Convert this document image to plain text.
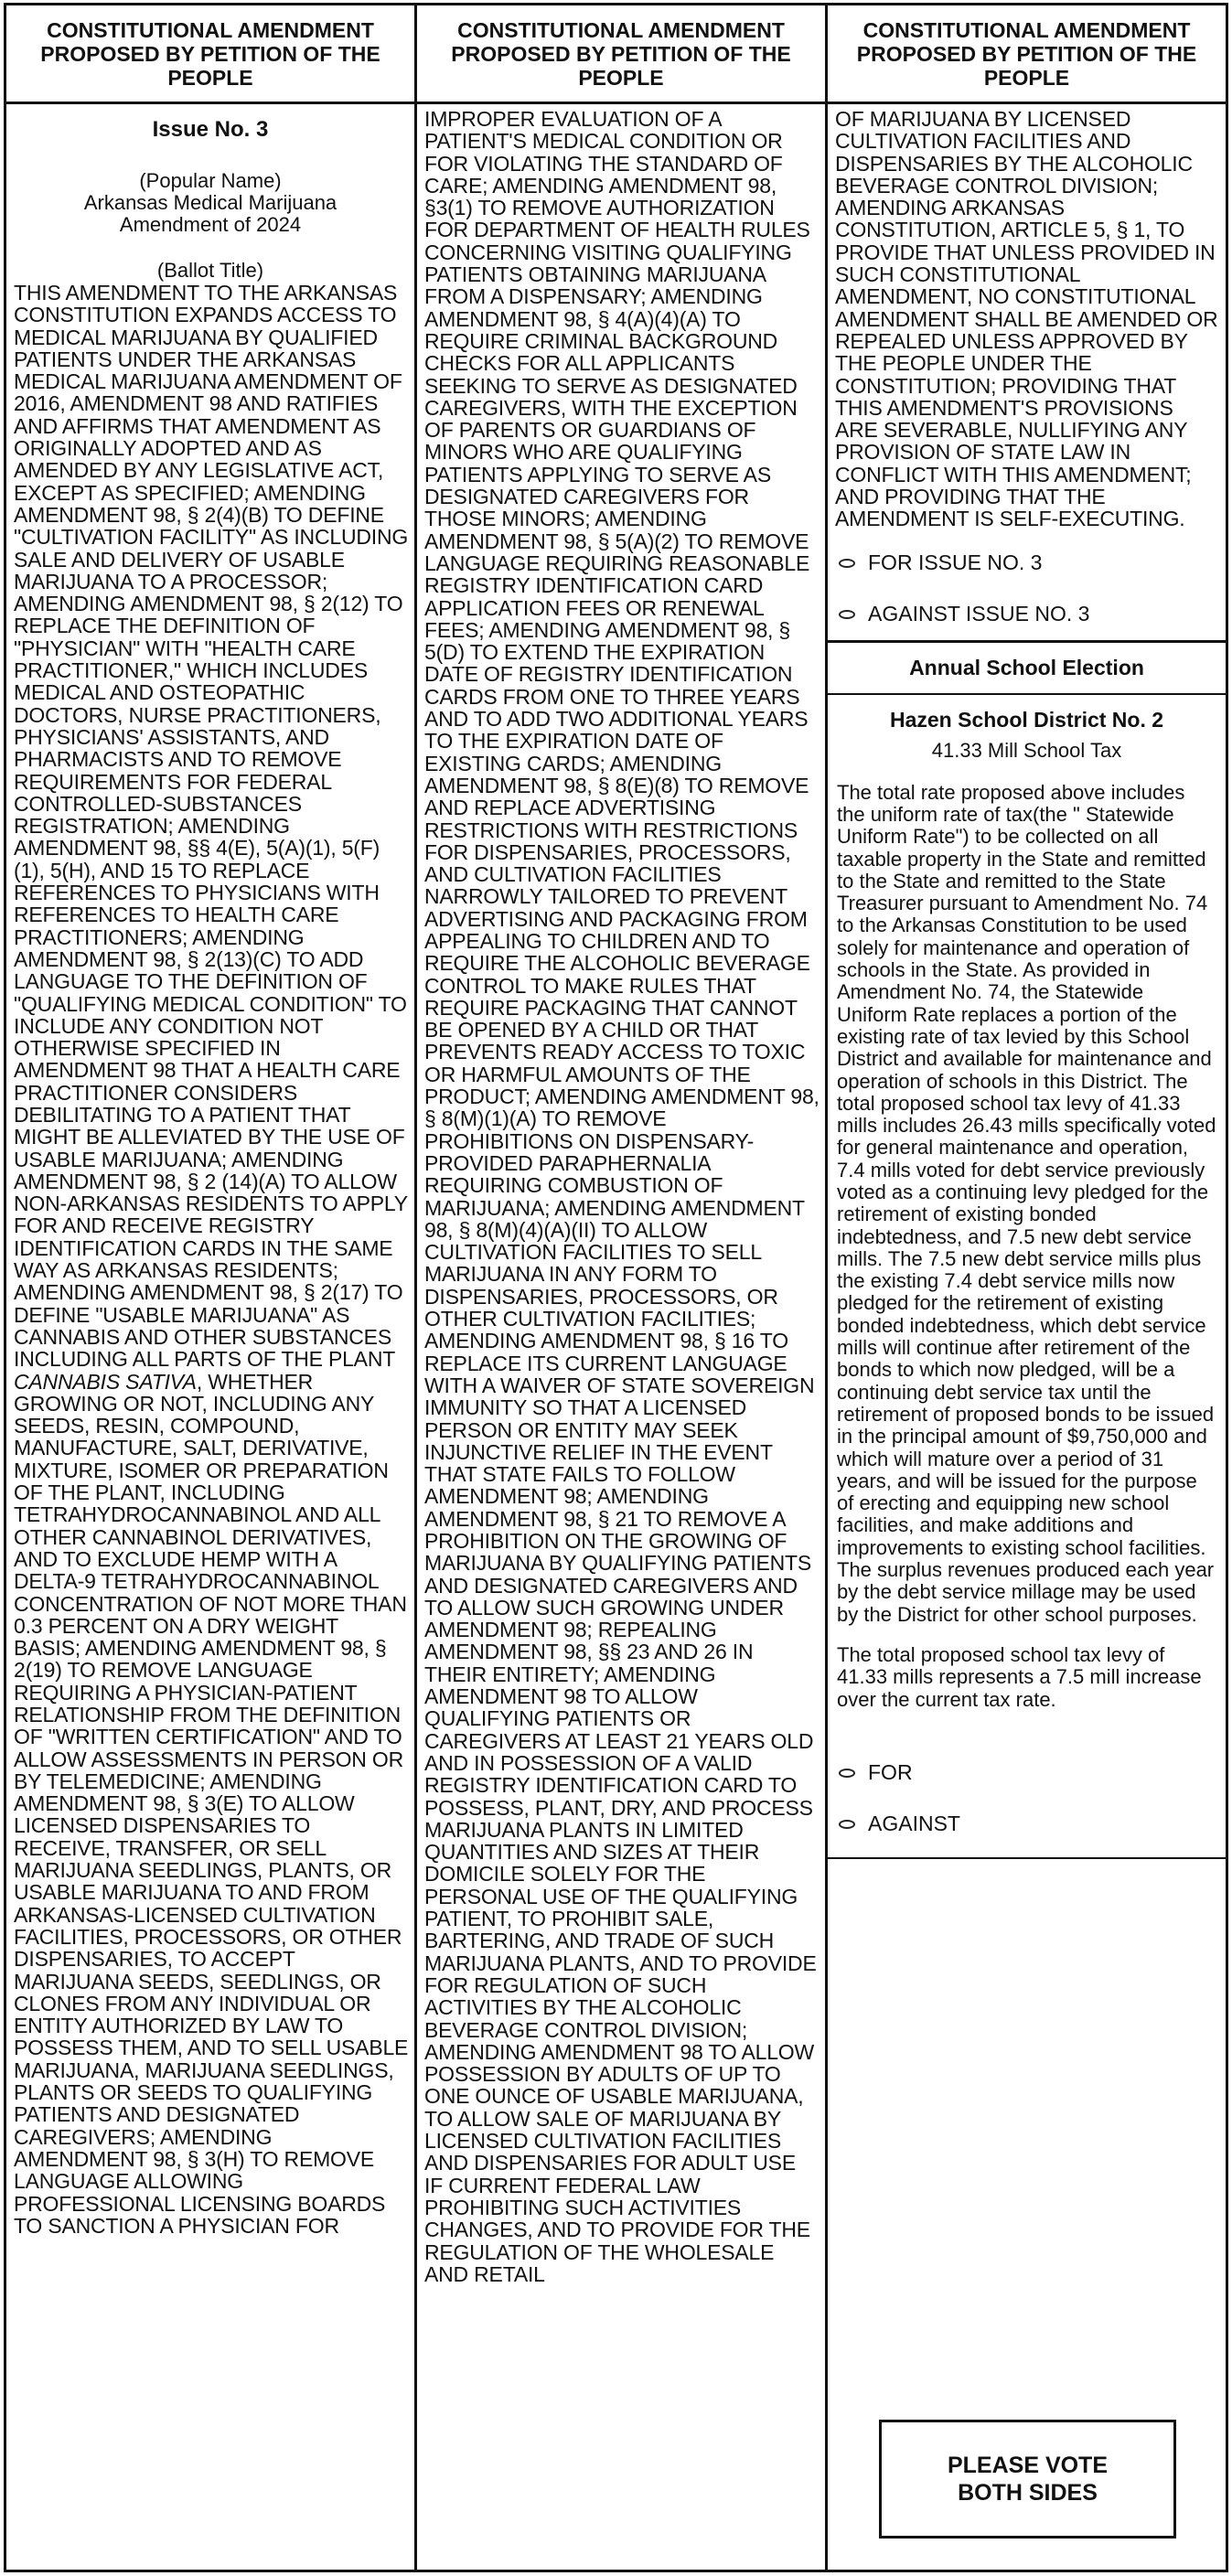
CONSTITUTIONAL AMENDMENT PROPOSED BY PETITION OF THE PEOPLE
Issue No. 3

(Popular Name)

Arkansas Medical Marijuana

Amendment of 2024

(Ballot Title)

THIS AMENDMENT TO THE ARKANSAS CONSTITUTION EXPANDS ACCESS TO MEDICAL MARIJUANA BY QUALIFIED PATIENTS UNDER THE ARKANSAS MEDICAL MARIJUANA AMENDMENT OF 2016, AMENDMENT 98 AND RATIFIES AND AFFIRMS THAT AMENDMENT AS ORIGINALLY ADOPTED AND AS AMENDED BY ANY LEGISLATIVE ACT, EXCEPT AS SPECIFIED; AMENDING AMENDMENT 98, § 2(4)(B) TO DEFINE "CULTIVATION FACILITY" AS INCLUDING SALE AND DELIVERY OF USABLE MARIJUANA TO A PROCESSOR; AMENDING AMENDMENT 98, § 2(12) TO REPLACE THE DEFINITION OF "PHYSICIAN" WITH "HEALTH CARE PRACTITIONER," WHICH INCLUDES MEDICAL AND OSTEOPATHIC DOCTORS, NURSE PRACTITIONERS, PHYSICIANS' ASSISTANTS, AND PHARMACISTS AND TO REMOVE REQUIREMENTS FOR FEDERAL CONTROLLED-SUBSTANCES REGISTRATION; AMENDING AMENDMENT 98, §§ 4(E), 5(A)(1), 5(F)(1), 5(H), AND 15 TO REPLACE REFERENCES TO PHYSICIANS WITH REFERENCES TO HEALTH CARE PRACTITIONERS; AMENDING AMENDMENT 98, § 2(13)(C) TO ADD LANGUAGE TO THE DEFINITION OF "QUALIFYING MEDICAL CONDITION" TO INCLUDE ANY CONDITION NOT OTHERWISE SPECIFIED IN AMENDMENT 98 THAT A HEALTH CARE PRACTITIONER CONSIDERS DEBILITATING TO A PATIENT THAT MIGHT BE ALLEVIATED BY THE USE OF USABLE MARIJUANA; AMENDING AMENDMENT 98, § 2 (14)(A) TO ALLOW NON-ARKANSAS RESIDENTS TO APPLY FOR AND RECEIVE REGISTRY IDENTIFICATION CARDS IN THE SAME WAY AS ARKANSAS RESIDENTS; AMENDING AMENDMENT 98, § 2(17) TO DEFINE "USABLE MARIJUANA" AS CANNABIS AND OTHER SUBSTANCES INCLUDING ALL PARTS OF THE PLANT CANNABIS SATIVA, WHETHER GROWING OR NOT, INCLUDING ANY SEEDS, RESIN, COMPOUND, MANUFACTURE, SALT, DERIVATIVE, MIXTURE, ISOMER OR PREPARATION OF THE PLANT, INCLUDING TETRAHYDROCANNABINOL AND ALL OTHER CANNABINOL DERIVATIVES, AND TO EXCLUDE HEMP WITH A DELTA-9 TETRAHYDROCANNABINOL CONCENTRATION OF NOT MORE THAN 0.3 PERCENT ON A DRY WEIGHT BASIS; AMENDING AMENDMENT 98, § 2(19) TO REMOVE LANGUAGE REQUIRING A PHYSICIAN-PATIENT RELATIONSHIP FROM THE DEFINITION OF "WRITTEN CERTIFICATION" AND TO ALLOW ASSESSMENTS IN PERSON OR BY TELEMEDICINE; AMENDING AMENDMENT 98, § 3(E) TO ALLOW LICENSED DISPENSARIES TO RECEIVE, TRANSFER, OR SELL MARIJUANA SEEDLINGS, PLANTS, OR USABLE MARIJUANA TO AND FROM ARKANSAS-LICENSED CULTIVATION FACILITIES, PROCESSORS, OR OTHER DISPENSARIES, TO ACCEPT MARIJUANA SEEDS, SEEDLINGS, OR CLONES FROM ANY INDIVIDUAL OR ENTITY AUTHORIZED BY LAW TO POSSESS THEM, AND TO SELL USABLE MARIJUANA, MARIJUANA SEEDLINGS, PLANTS OR SEEDS TO QUALIFYING PATIENTS AND DESIGNATED CAREGIVERS; AMENDING AMENDMENT 98, § 3(H) TO REMOVE LANGUAGE ALLOWING PROFESSIONAL LICENSING BOARDS TO SANCTION A PHYSICIAN FOR

CONSTITUTIONAL AMENDMENT PROPOSED BY PETITION OF THE PEOPLE

IMPROPER EVALUATION OF A PATIENT'S MEDICAL CONDITION OR FOR VIOLATING THE STANDARD OF CARE; AMENDING AMENDMENT 98, §3(1) TO REMOVE AUTHORIZATION FOR DEPARTMENT OF HEALTH RULES CONCERNING VISITING QUALIFYING PATIENTS OBTAINING MARIJUANA FROM A DISPENSARY; AMENDING AMENDMENT 98, § 4(A)(4)(A) TO REQUIRE CRIMINAL BACKGROUND CHECKS FOR ALL APPLICANTS SEEKING TO SERVE AS DESIGNATED CAREGIVERS, WITH THE EXCEPTION OF PARENTS OR GUARDIANS OF MINORS WHO ARE QUALIFYING PATIENTS APPLYING TO SERVE AS DESIGNATED CAREGIVERS FOR THOSE MINORS; AMENDING AMENDMENT 98, § 5(A)(2) TO REMOVE LANGUAGE REQUIRING REASONABLE REGISTRY IDENTIFICATION CARD APPLICATION FEES OR RENEWAL FEES; AMENDING AMENDMENT 98, § 5(D) TO EXTEND THE EXPIRATION DATE OF REGISTRY IDENTIFICATION CARDS FROM ONE TO THREE YEARS AND TO ADD TWO ADDITIONAL YEARS TO THE EXPIRATION DATE OF EXISTING CARDS; AMENDING AMENDMENT 98, § 8(E)(8) TO REMOVE AND REPLACE ADVERTISING RESTRICTIONS WITH RESTRICTIONS FOR DISPENSARIES, PROCESSORS, AND CULTIVATION FACILITIES NARROWLY TAILORED TO PREVENT ADVERTISING AND PACKAGING FROM APPEALING TO CHILDREN AND TO REQUIRE THE ALCOHOLIC BEVERAGE CONTROL TO MAKE RULES THAT REQUIRE PACKAGING THAT CANNOT BE OPENED BY A CHILD OR THAT PREVENTS READY ACCESS TO TOXIC OR HARMFUL AMOUNTS OF THE PRODUCT; AMENDING AMENDMENT 98, § 8(M)(1)(A) TO REMOVE PROHIBITIONS ON DISPENSARY-PROVIDED PARAPHERNALIA REQUIRING COMBUSTION OF MARIJUANA; AMENDING AMENDMENT 98, § 8(M)(4)(A)(II) TO ALLOW CULTIVATION FACILITIES TO SELL MARIJUANA IN ANY FORM TO DISPENSARIES, PROCESSORS, OR OTHER CULTIVATION FACILITIES; AMENDING AMENDMENT 98, § 16 TO REPLACE ITS CURRENT LANGUAGE WITH A WAIVER OF STATE SOVEREIGN IMMUNITY SO THAT A LICENSED PERSON OR ENTITY MAY SEEK INJUNCTIVE RELIEF IN THE EVENT THAT STATE FAILS TO FOLLOW AMENDMENT 98; AMENDING AMENDMENT 98, § 21 TO REMOVE A PROHIBITION ON THE GROWING OF MARIJUANA BY QUALIFYING PATIENTS AND DESIGNATED CAREGIVERS AND TO ALLOW SUCH GROWING UNDER AMENDMENT 98; REPEALING AMENDMENT 98, §§ 23 AND 26 IN THEIR ENTIRETY; AMENDING AMENDMENT 98 TO ALLOW QUALIFYING PATIENTS OR CAREGIVERS AT LEAST 21 YEARS OLD AND IN POSSESSION OF A VALID REGISTRY IDENTIFICATION CARD TO POSSESS, PLANT, DRY, AND PROCESS MARIJUANA PLANTS IN LIMITED QUANTITIES AND SIZES AT THEIR DOMICILE SOLELY FOR THE PERSONAL USE OF THE QUALIFYING PATIENT, TO PROHIBIT SALE, BARTERING, AND TRADE OF SUCH MARIJUANA PLANTS, AND TO PROVIDE FOR REGULATION OF SUCH ACTIVITIES BY THE ALCOHOLIC BEVERAGE CONTROL DIVISION; AMENDING AMENDMENT 98 TO ALLOW POSSESSION BY ADULTS OF UP TO ONE OUNCE OF USABLE MARIJUANA, TO ALLOW SALE OF MARIJUANA BY LICENSED CULTIVATION FACILITIES AND DISPENSARIES FOR ADULT USE IF CURRENT FEDERAL LAW PROHIBITING SUCH ACTIVITIES CHANGES, AND TO PROVIDE FOR THE REGULATION OF THE WHOLESALE AND RETAIL

CONSTITUTIONAL AMENDMENT PROPOSED BY PETITION OF THE PEOPLE

OF MARIJUANA BY LICENSED CULTIVATION FACILITIES AND DISPENSARIES BY THE ALCOHOLIC BEVERAGE CONTROL DIVISION; AMENDING ARKANSAS CONSTITUTION, ARTICLE 5, § 1, TO PROVIDE THAT UNLESS PROVIDED IN SUCH CONSTITUTIONAL AMENDMENT, NO CONSTITUTIONAL AMENDMENT SHALL BE AMENDED OR REPEALED UNLESS APPROVED BY THE PEOPLE UNDER THE CONSTITUTION; PROVIDING THAT THIS AMENDMENT'S PROVISIONS ARE SEVERABLE, NULLIFYING ANY PROVISION OF STATE LAW IN CONFLICT WITH THIS AMENDMENT; AND PROVIDING THAT THE AMENDMENT IS SELF-EXECUTING.

FOR ISSUE NO. 3
AGAINST ISSUE NO. 3
Annual School Election
Hazen School District No. 2

41.33 Mill School Tax

The total rate proposed above includes the uniform rate of tax(the " Statewide Uniform Rate") to be collected on all taxable property in the State and remitted to the State and remitted to the State Treasurer pursuant to Amendment No. 74 to the Arkansas Constitution to be used solely for maintenance and operation of schools in the State. As provided in Amendment No. 74, the Statewide Uniform Rate replaces a portion of the existing rate of tax levied by this School District and available for maintenance and operation of schools in this District. The total proposed school tax levy of 41.33 mills includes 26.43 mills specifically voted for general maintenance and operation, 7.4 mills voted for debt service previously voted as a continuing levy pledged for the retirement of existing bonded indebtedness, and 7.5 new debt service mills. The 7.5 new debt service mills plus the existing 7.4 debt service mills now pledged for the retirement of existing bonded indebtedness, which debt service mills will continue after retirement of the bonds to which now pledged, will be a continuing debt service tax until the retirement of proposed bonds to be issued in the principal amount of $9,750,000 and which will mature over a period of 31 years, and will be issued for the purpose of erecting and equipping new school facilities, and make additions and improvements to existing school facilities. The surplus revenues produced each year by the debt service millage may be used by the District for other school purposes.

The total proposed school tax levy of 41.33 mills represents a 7.5 mill increase over the current tax rate.

FOR
AGAINST
PLEASE VOTE
BOTH SIDES
